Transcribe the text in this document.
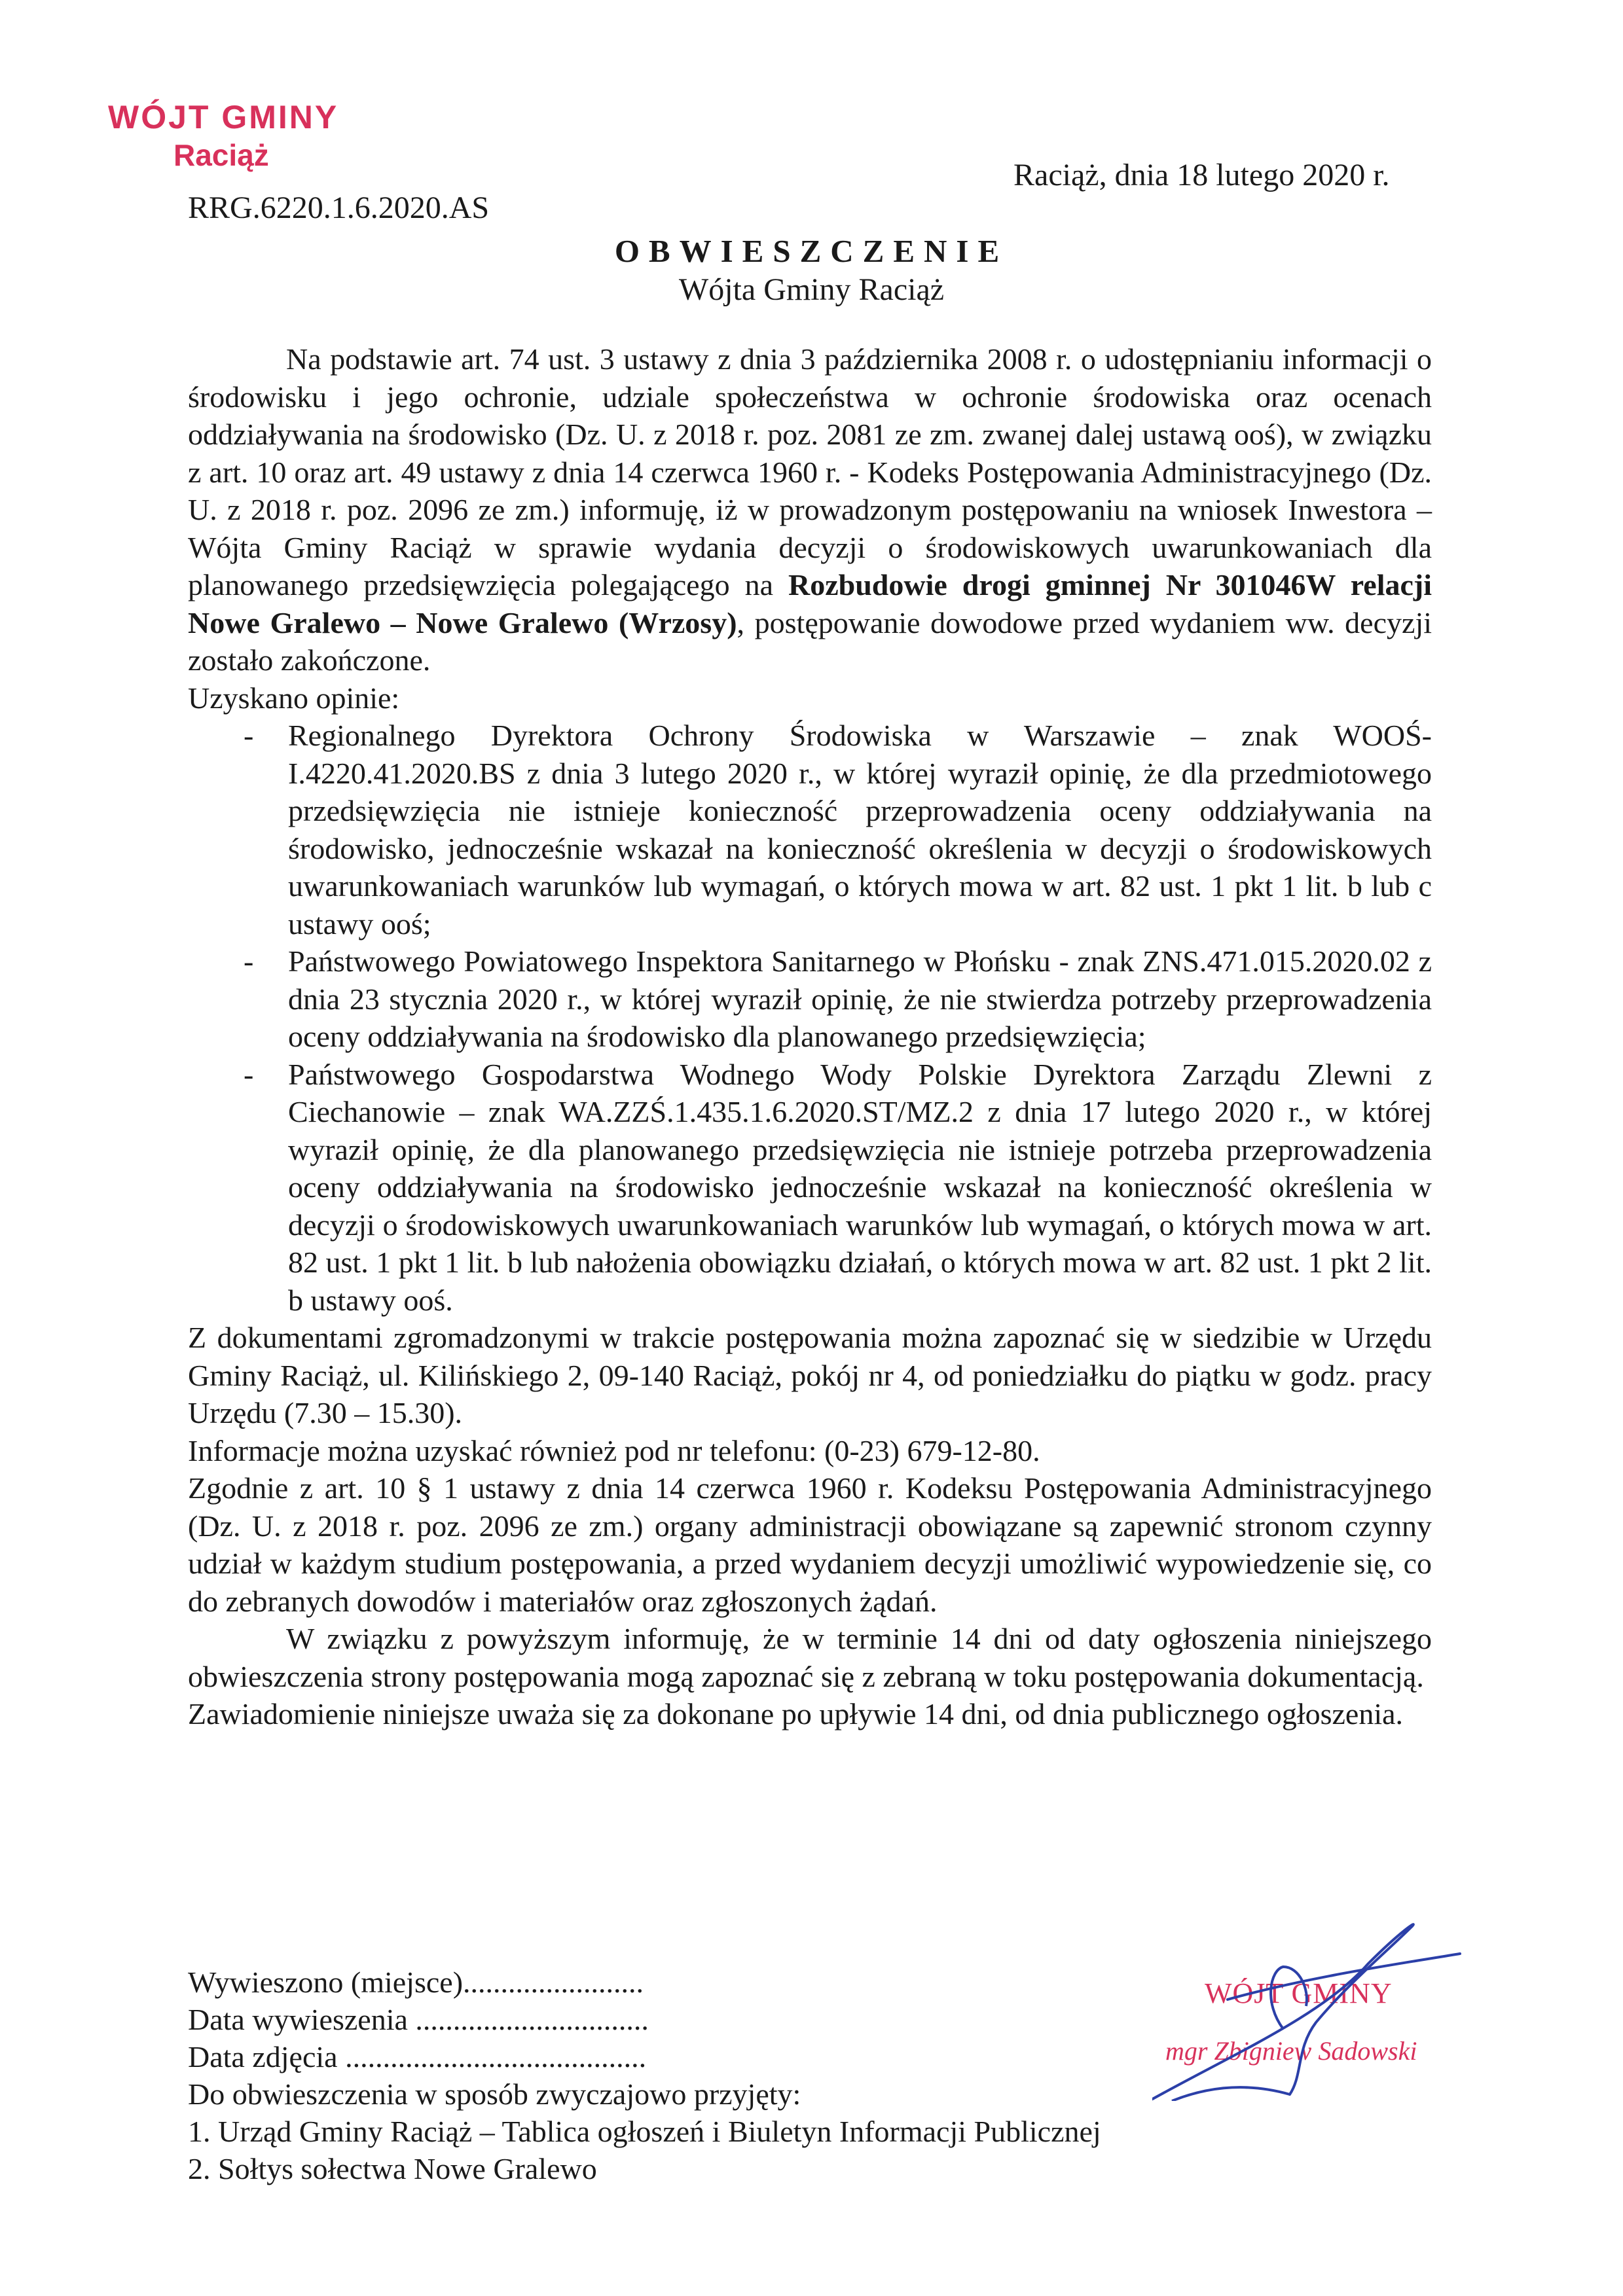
WÓJT GMINY
Raciąż
RRG.6220.1.6.2020.AS
Raciąż, dnia 18 lutego 2020 r.
OBWIESZCZENIE
Wójta Gminy Raciąż

Na podstawie art. 74 ust. 3 ustawy z dnia 3 października 2008 r. o udostępnianiu informacji o środowisku i jego ochronie, udziale społeczeństwa w ochronie środowiska oraz ocenach oddziaływania na środowisko (Dz. U. z 2018 r. poz. 2081 ze zm. zwanej dalej ustawą ooś), w związku z art. 10 oraz art. 49 ustawy z dnia 14 czerwca 1960 r. - Kodeks Postępowania Administracyjnego (Dz. U. z 2018 r. poz. 2096 ze zm.) informuję, iż w prowadzonym postępowaniu na wniosek Inwestora – Wójta Gminy Raciąż w sprawie wydania decyzji o środowiskowych uwarunkowaniach dla planowanego przedsięwzięcia polegającego na Rozbudowie drogi gminnej Nr 301046W relacji Nowe Gralewo – Nowe Gralewo (Wrzosy), postępowanie dowodowe przed wydaniem ww. decyzji zostało zakończone.

Uzyskano opinie:

- Regionalnego Dyrektora Ochrony Środowiska w Warszawie – znak WOOŚ-I.4220.41.2020.BS z dnia 3 lutego 2020 r., w której wyraził opinię, że dla przedmiotowego przedsięwzięcia nie istnieje konieczność przeprowadzenia oceny oddziaływania na środowisko, jednocześnie wskazał na konieczność określenia w decyzji o środowiskowych uwarunkowaniach warunków lub wymagań, o których mowa w art. 82 ust. 1 pkt 1 lit. b lub c ustawy ooś;
- Państwowego Powiatowego Inspektora Sanitarnego w Płońsku - znak ZNS.471.015.2020.02 z dnia 23 stycznia 2020 r., w której wyraził opinię, że nie stwierdza potrzeby przeprowadzenia oceny oddziaływania na środowisko dla planowanego przedsięwzięcia;
- Państwowego Gospodarstwa Wodnego Wody Polskie Dyrektora Zarządu Zlewni z Ciechanowie – znak WA.ZZŚ.1.435.1.6.2020.ST/MZ.2 z dnia 17 lutego 2020 r., w której wyraził opinię, że dla planowanego przedsięwzięcia nie istnieje potrzeba przeprowadzenia oceny oddziaływania na środowisko jednocześnie wskazał na konieczność określenia w decyzji o środowiskowych uwarunkowaniach warunków lub wymagań, o których mowa w art. 82 ust. 1 pkt 1 lit. b lub nałożenia obowiązku działań, o których mowa w art. 82 ust. 1 pkt 2 lit. b ustawy ooś.

Z dokumentami zgromadzonymi w trakcie postępowania można zapoznać się w siedzibie w Urzędu Gminy Raciąż, ul. Kilińskiego 2, 09-140 Raciąż, pokój nr 4, od poniedziałku do piątku w godz. pracy Urzędu (7.30 – 15.30).

Informacje można uzyskać również pod nr telefonu: (0-23) 679-12-80.

Zgodnie z art. 10 § 1 ustawy z dnia 14 czerwca 1960 r. Kodeksu Postępowania Administracyjnego (Dz. U. z 2018 r. poz. 2096 ze zm.) organy administracji obowiązane są zapewnić stronom czynny udział w każdym studium postępowania, a przed wydaniem decyzji umożliwić wypowiedzenie się, co do zebranych dowodów i materiałów oraz zgłoszonych żądań.

W związku z powyższym informuję, że w terminie 14 dni od daty ogłoszenia niniejszego obwieszczenia strony postępowania mogą zapoznać się z zebraną w toku postępowania dokumentacją.

Zawiadomienie niniejsze uważa się za dokonane po upływie 14 dni, od dnia publicznego ogłoszenia.

Wywieszono (miejsce)........................

Data wywieszenia ...............................

Data zdjęcia ........................................

Do obwieszczenia w sposób zwyczajowo przyjęty:

1. Urząd Gminy Raciąż – Tablica ogłoszeń i Biuletyn Informacji Publicznej

2. Sołtys sołectwa Nowe Gralewo

WÓJT GMINY
mgr Zbigniew Sadowski
